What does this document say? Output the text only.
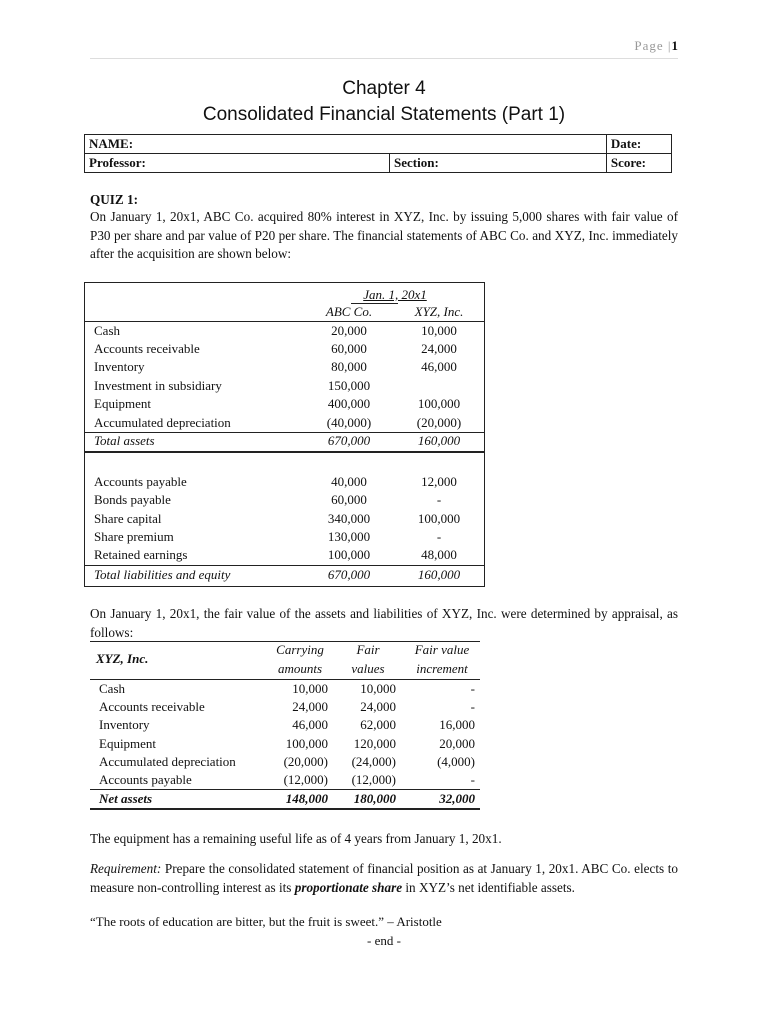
Page |1
Chapter 4
Consolidated Financial Statements (Part 1)
NAME:		Date:
Professor:	Section:	Score:
QUIZ 1:
On January 1, 20x1, ABC Co. acquired 80% interest in XYZ, Inc. by issuing 5,000 shares with fair value of P30 per share and par value of P20 per share. The financial statements of ABC Co. and XYZ, Inc. immediately after the acquisition are shown below:
Jan. 1, 20x1
ABC Co.	XYZ, Inc.
Cash	20,000	10,000
Accounts receivable	60,000	24,000
Inventory	80,000	46,000
Investment in subsidiary	150,000
Equipment	400,000	100,000
Accumulated depreciation	(40,000)	(20,000)
Total assets	670,000	160,000
Accounts payable	40,000	12,000
Bonds payable	60,000	-
Share capital	340,000	100,000
Share premium	130,000	-
Retained earnings	100,000	48,000
Total liabilities and equity	670,000	160,000
On January 1, 20x1, the fair value of the assets and liabilities of XYZ, Inc. were determined by appraisal, as follows:
XYZ, Inc.
Carrying
amounts
Fair
values
Fair value
increment
Cash	10,000	10,000	-
Accounts receivable	24,000	24,000	-
Inventory	46,000	62,000	16,000
Equipment	100,000	120,000	20,000
Accumulated depreciation	(20,000)	(24,000)	(4,000)
Accounts payable	(12,000)	(12,000)	-
Net assets	148,000	180,000	32,000
The equipment has a remaining useful life as of 4 years from January 1, 20x1.
Requirement: Prepare the consolidated statement of financial position as at January 1, 20x1. ABC Co. elects to measure non-controlling interest as its proportionate share in XYZ’s net identifiable assets.
“The roots of education are bitter, but the fruit is sweet.” – Aristotle
- end -
